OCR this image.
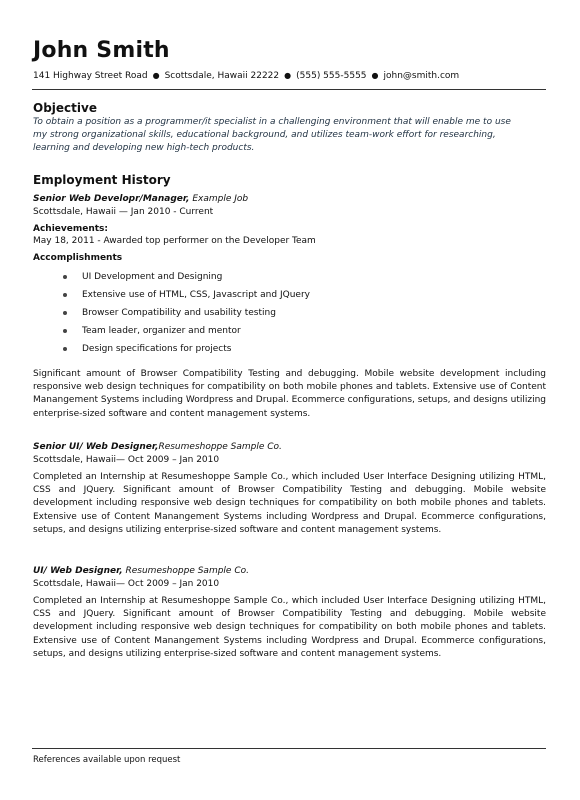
John Smith
141 Highway Street Road ● Scottsdale, Hawaii 22222 ● (555) 555-5555 ● john@smith.com
Objective
To obtain a position as a programmer/it specialist in a challenging environment that will enable me to use
my strong organizational skills, educational background, and utilizes team-work effort for researching,
learning and developing new high-tech products.
Employment History
Senior Web Developr/Manager, Example Job
Scottsdale, Hawaii — Jan 2010 - Current
Achievements:
May 18, 2011 - Awarded top performer on the Developer Team
Accomplishments
UI Development and Designing
Extensive use of HTML, CSS, Javascript and JQuery
Browser Compatibility and usability testing
Team leader, organizer and mentor
Design specifications for projects
Significant amount of Browser Compatibility Testing and debugging. Mobile website development including responsive web design techniques for compatibility on both mobile phones and tablets. Extensive use of Content Manangement Systems including Wordpress and Drupal. Ecommerce configurations, setups, and designs utilizing enterprise-sized software and content management systems.
Senior UI/ Web Designer,Resumeshoppe Sample Co.
Scottsdale, Hawaii— Oct 2009 – Jan 2010
Completed an Internship at Resumeshoppe Sample Co., which included User Interface Designing utilizing HTML, CSS and JQuery. Significant amount of Browser Compatibility Testing and debugging. Mobile website development including responsive web design techniques for compatibility on both mobile phones and tablets. Extensive use of Content Manangement Systems including Wordpress and Drupal. Ecommerce configurations, setups, and designs utilizing enterprise-sized software and content management systems.
UI/ Web Designer, Resumeshoppe Sample Co.
Scottsdale, Hawaii— Oct 2009 – Jan 2010
Completed an Internship at Resumeshoppe Sample Co., which included User Interface Designing utilizing HTML, CSS and JQuery. Significant amount of Browser Compatibility Testing and debugging. Mobile website development including responsive web design techniques for compatibility on both mobile phones and tablets. Extensive use of Content Manangement Systems including Wordpress and Drupal. Ecommerce configurations, setups, and designs utilizing enterprise-sized software and content management systems.
References available upon request
